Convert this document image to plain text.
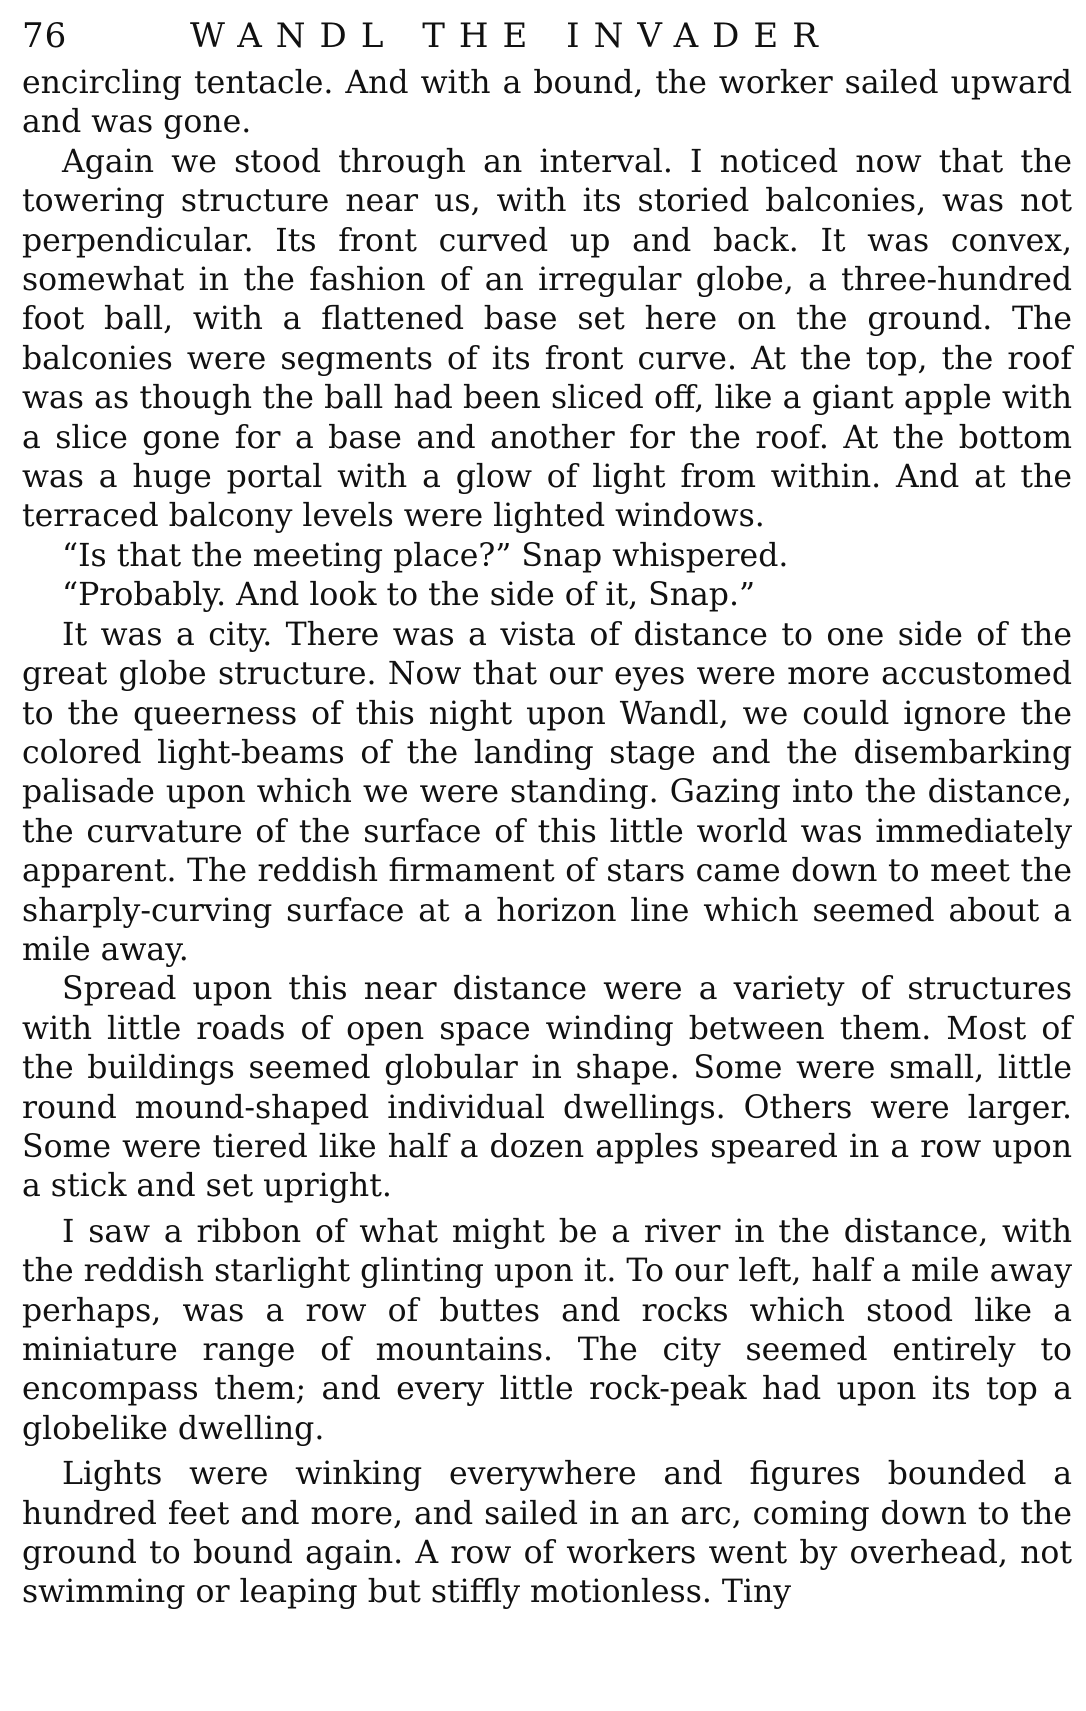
76	WANDL THE INVADER

encircling tentacle. And with a bound, the worker sailed upward and was gone.

Again we stood through an interval. I noticed now that the towering structure near us, with its storied balconies, was not perpendicular. Its front curved up and back. It was convex, somewhat in the fashion of an irregular globe, a three-hundred foot ball, with a flattened base set here on the ground. The balconies were segments of its front curve. At the top, the roof was as though the ball had been sliced off, like a giant apple with a slice gone for a base and another for the roof. At the bottom was a huge portal with a glow of light from within. And at the terraced balcony levels were lighted windows.

“Is that the meeting place?” Snap whispered.

“Probably. And look to the side of it, Snap.”

It was a city. There was a vista of distance to one side of the great globe structure. Now that our eyes were more accustomed to the queerness of this night upon Wandl, we could ignore the colored light-beams of the landing stage and the disembarking palisade upon which we were standing. Gazing into the distance, the curvature of the surface of this little world was immediately apparent. The reddish firmament of stars came down to meet the sharply-curving surface at a horizon line which seemed about a mile away.

Spread upon this near distance were a variety of structures with little roads of open space winding between them. Most of the buildings seemed globular in shape. Some were small, little round mound-shaped individual dwellings. Others were larger. Some were tiered like half a dozen apples speared in a row upon a stick and set upright.

I saw a ribbon of what might be a river in the distance, with the reddish starlight glinting upon it. To our left, half a mile away perhaps, was a row of buttes and rocks which stood like a miniature range of mountains. The city seemed entirely to encompass them; and every little rock-peak had upon its top a globelike dwelling.

Lights were winking everywhere and figures bounded a hundred feet and more, and sailed in an arc, coming down to the ground to bound again. A row of workers went by overhead, not swimming or leaping but stiffly motionless. Tiny
